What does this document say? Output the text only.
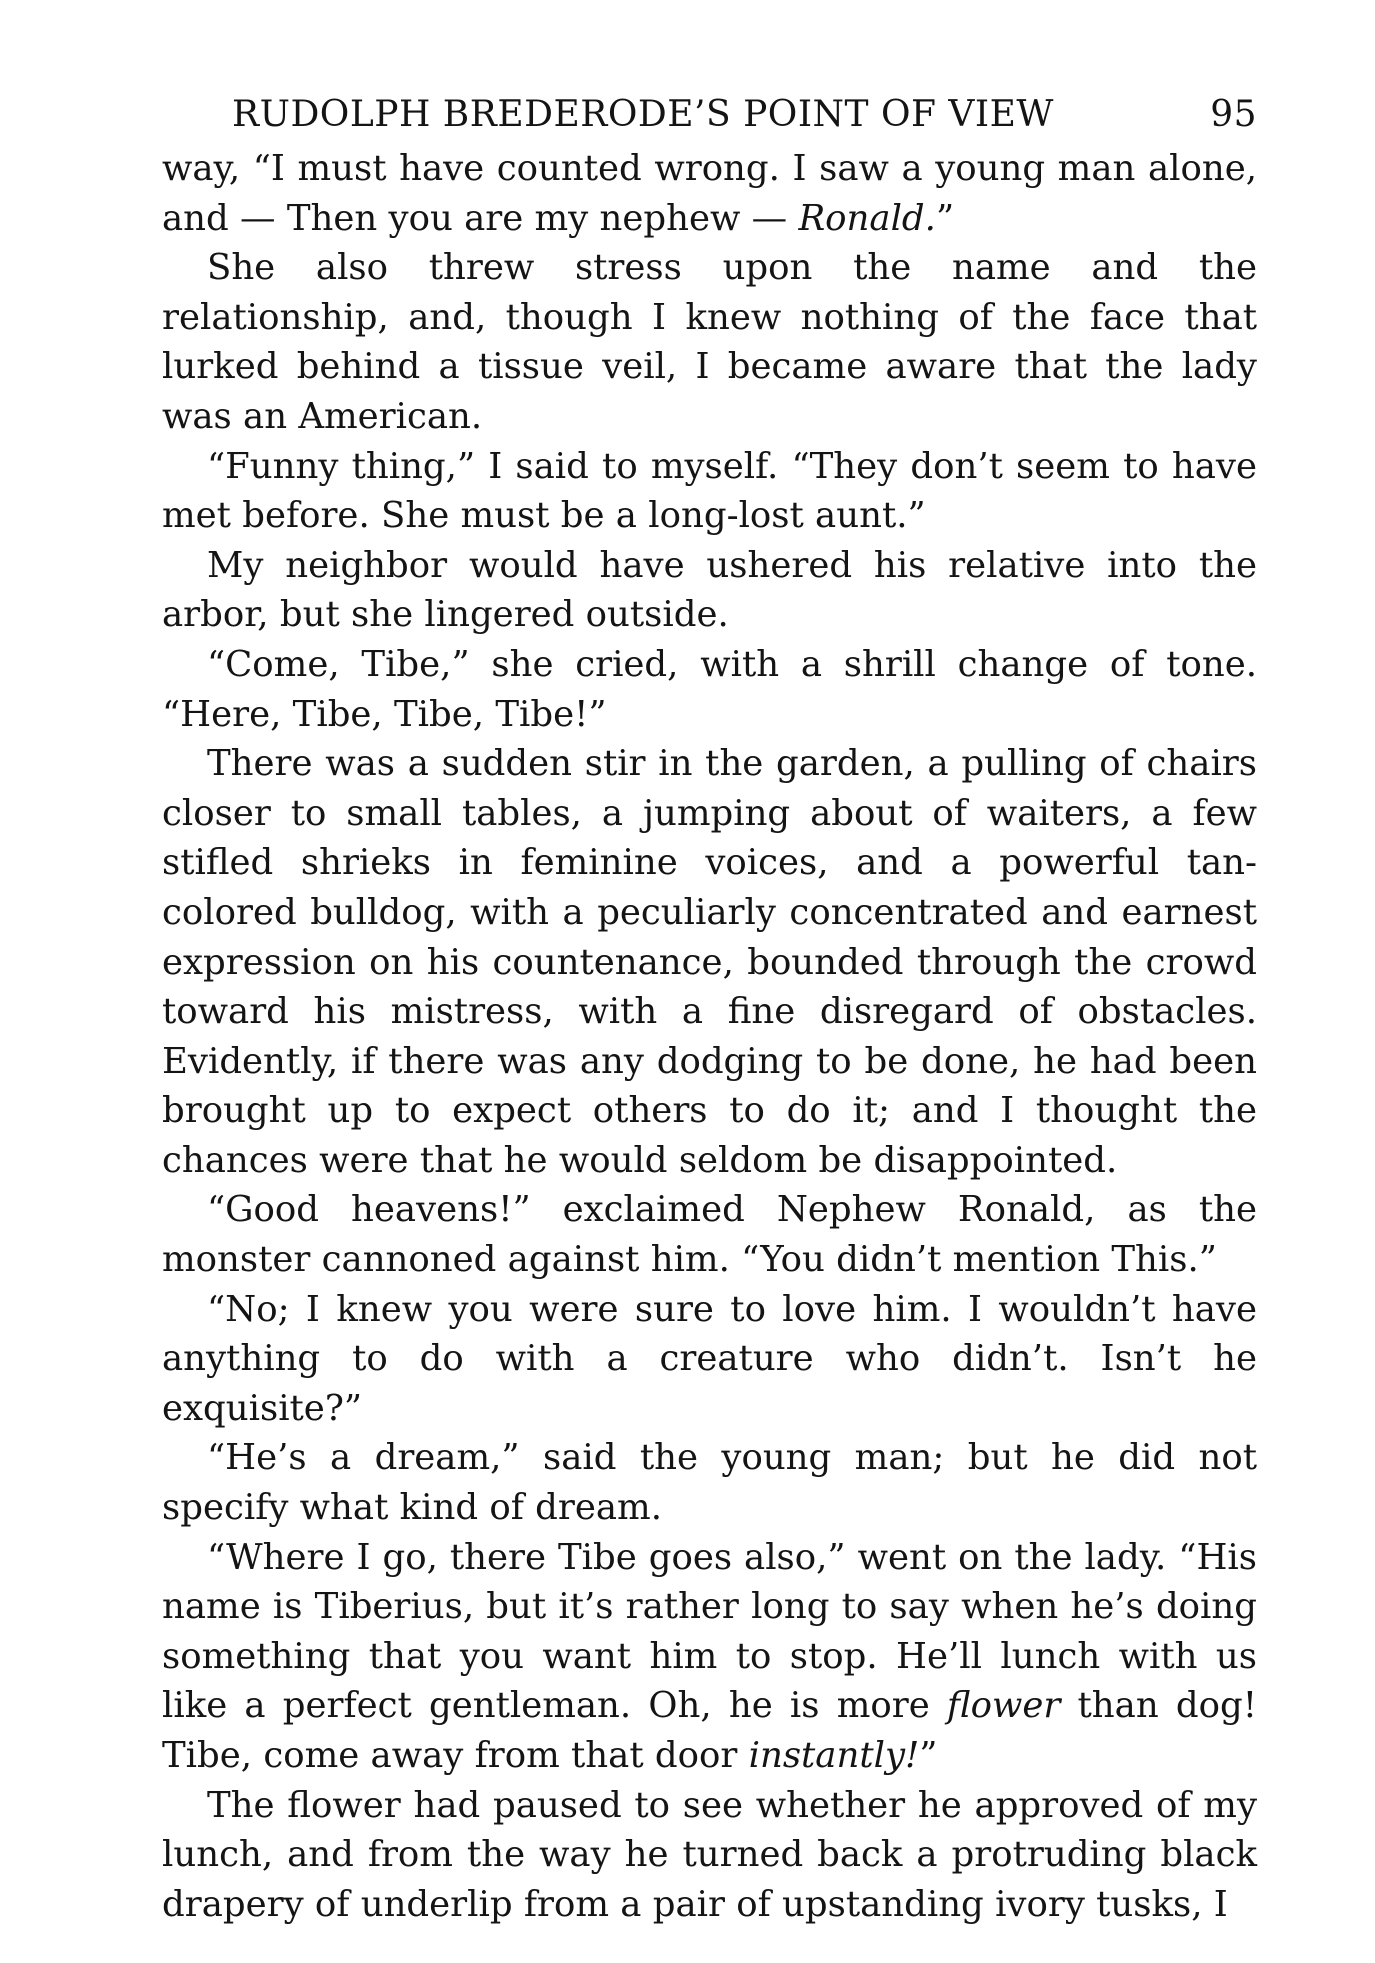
RUDOLPH BREDERODE’S POINT OF VIEW	95

way, “I must have counted wrong. I saw a young man alone, and — Then you are my nephew — Ronald.”

She also threw stress upon the name and the relationship, and, though I knew nothing of the face that lurked behind a tissue veil, I became aware that the lady was an American.

“Funny thing,” I said to myself. “They don’t seem to have met before. She must be a long-lost aunt.”

My neighbor would have ushered his relative into the arbor, but she lingered outside.

“Come, Tibe,” she cried, with a shrill change of tone. “Here, Tibe, Tibe, Tibe!”

There was a sudden stir in the garden, a pulling of chairs closer to small tables, a jumping about of waiters, a few stifled shrieks in feminine voices, and a powerful tan-colored bulldog, with a peculiarly concentrated and earnest expression on his countenance, bounded through the crowd toward his mistress, with a fine disregard of obstacles. Evidently, if there was any dodging to be done, he had been brought up to expect others to do it; and I thought the chances were that he would seldom be disappointed.

“Good heavens!” exclaimed Nephew Ronald, as the monster cannoned against him. “You didn’t mention This.”

“No; I knew you were sure to love him. I wouldn’t have anything to do with a creature who didn’t. Isn’t he exquisite?”

“He’s a dream,” said the young man; but he did not specify what kind of dream.

“Where I go, there Tibe goes also,” went on the lady. “His name is Tiberius, but it’s rather long to say when he’s doing something that you want him to stop. He’ll lunch with us like a perfect gentleman. Oh, he is more flower than dog! Tibe, come away from that door instantly!”

The flower had paused to see whether he approved of my lunch, and from the way he turned back a protruding black drapery of underlip from a pair of upstanding ivory tusks, I
